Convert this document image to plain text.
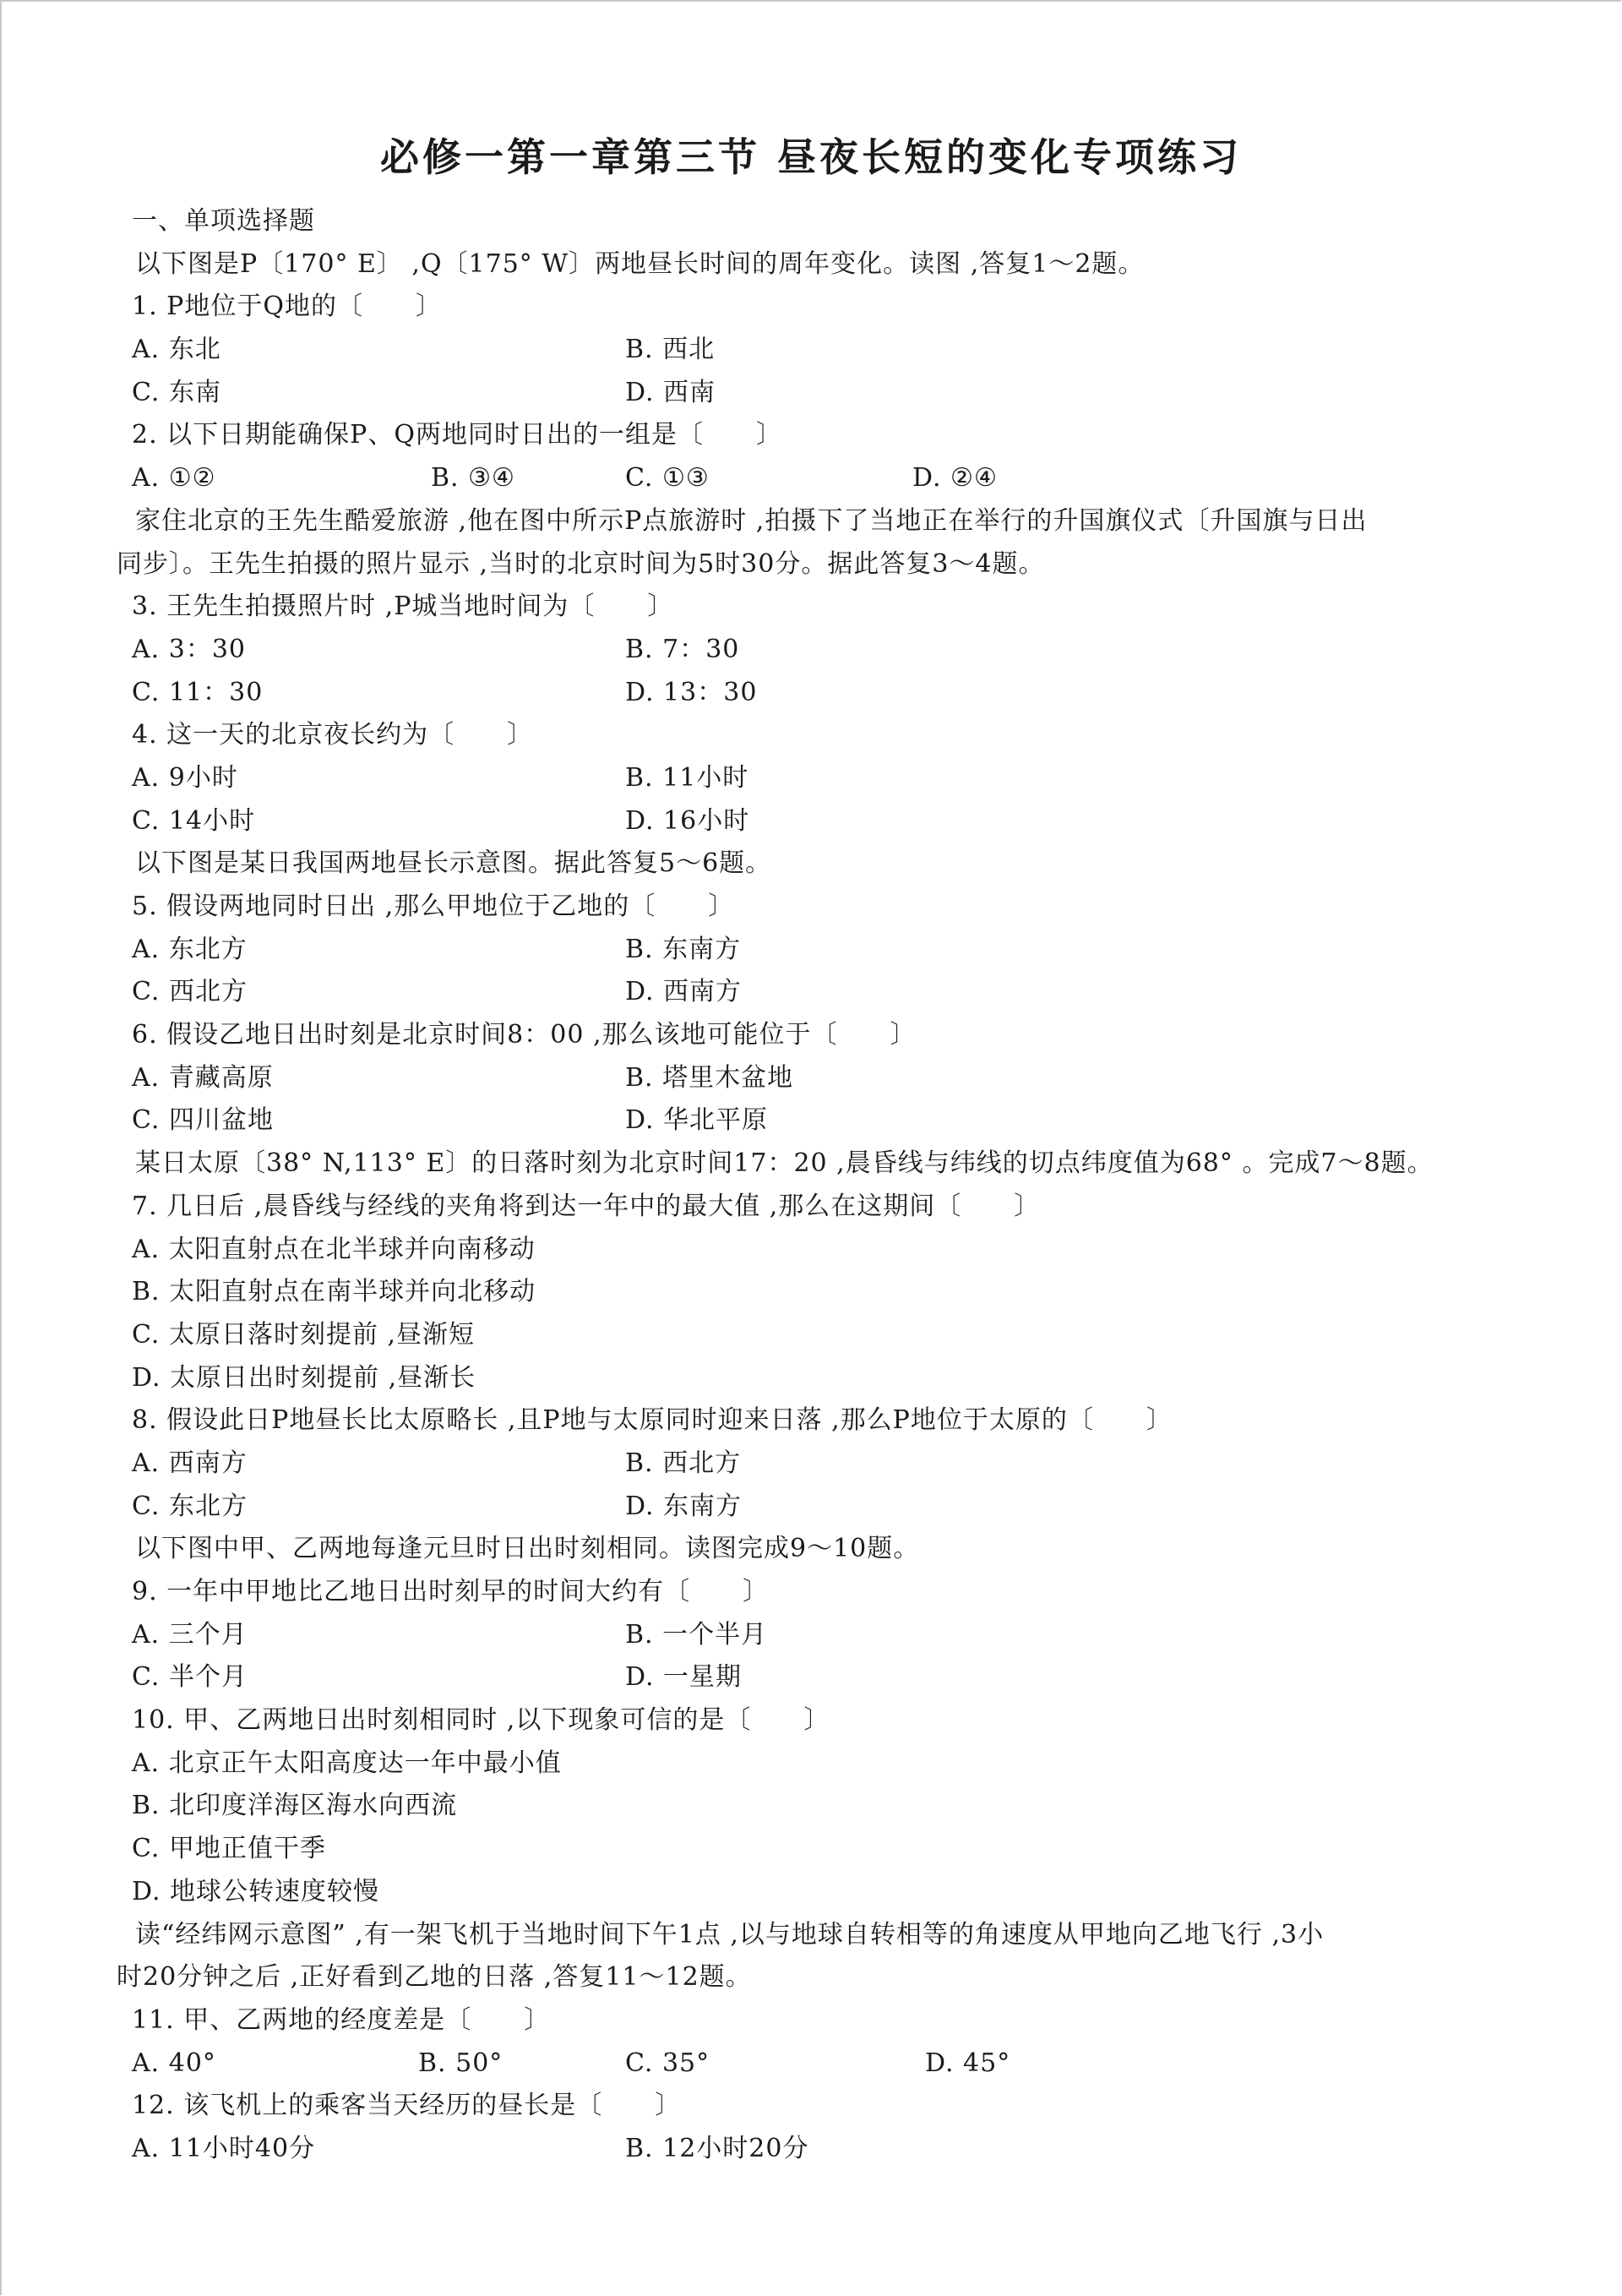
必修一第一章第三节 昼夜长短的变化专项练习
一、单项选择题
以下图是P〔170° E〕 ,Q〔175° W〕两地昼长时间的周年变化。读图 ,答复1～2题。
1. P地位于Q地的〔　　〕
A. 东北	B. 西北
C. 东南	D. 西南
2. 以下日期能确保P、Q两地同时日出的一组是〔　　〕
A. ①②	B. ③④	C. ①③	D. ②④
家住北京的王先生酷爱旅游 ,他在图中所示P点旅游时 ,拍摄下了当地正在举行的升国旗仪式〔升国旗与日出
同步〕。王先生拍摄的照片显示 ,当时的北京时间为5时30分。据此答复3～4题。
3. 王先生拍摄照片时 ,P城当地时间为〔　　〕
A. 3：30	B. 7：30
C. 11：30	D. 13：30
4. 这一天的北京夜长约为〔　　〕
A. 9小时	B. 11小时
C. 14小时	D. 16小时
以下图是某日我国两地昼长示意图。据此答复5～6题。
5. 假设两地同时日出 ,那么甲地位于乙地的〔　　〕
A. 东北方	B. 东南方
C. 西北方	D. 西南方
6. 假设乙地日出时刻是北京时间8：00 ,那么该地可能位于〔　　〕
A. 青藏高原	B. 塔里木盆地
C. 四川盆地	D. 华北平原
某日太原〔38° N,113° E〕的日落时刻为北京时间17：20 ,晨昏线与纬线的切点纬度值为68° 。完成7～8题。
7. 几日后 ,晨昏线与经线的夹角将到达一年中的最大值 ,那么在这期间〔　　〕
A. 太阳直射点在北半球并向南移动
B. 太阳直射点在南半球并向北移动
C. 太原日落时刻提前 ,昼渐短
D. 太原日出时刻提前 ,昼渐长
8. 假设此日P地昼长比太原略长 ,且P地与太原同时迎来日落 ,那么P地位于太原的〔　　〕
A. 西南方	B. 西北方
C. 东北方	D. 东南方
以下图中甲、乙两地每逢元旦时日出时刻相同。读图完成9～10题。
9. 一年中甲地比乙地日出时刻早的时间大约有〔　　〕
A. 三个月	B. 一个半月
C. 半个月	D. 一星期
10. 甲、乙两地日出时刻相同时 ,以下现象可信的是〔　　〕
A. 北京正午太阳高度达一年中最小值
B. 北印度洋海区海水向西流
C. 甲地正值干季
D. 地球公转速度较慢
读“经纬网示意图” ,有一架飞机于当地时间下午1点 ,以与地球自转相等的角速度从甲地向乙地飞行 ,3小
时20分钟之后 ,正好看到乙地的日落 ,答复11～12题。
11. 甲、乙两地的经度差是〔　　〕
A. 40°	B. 50°	C. 35°	D. 45°
12. 该飞机上的乘客当天经历的昼长是〔　　〕
A. 11小时40分	B. 12小时20分
